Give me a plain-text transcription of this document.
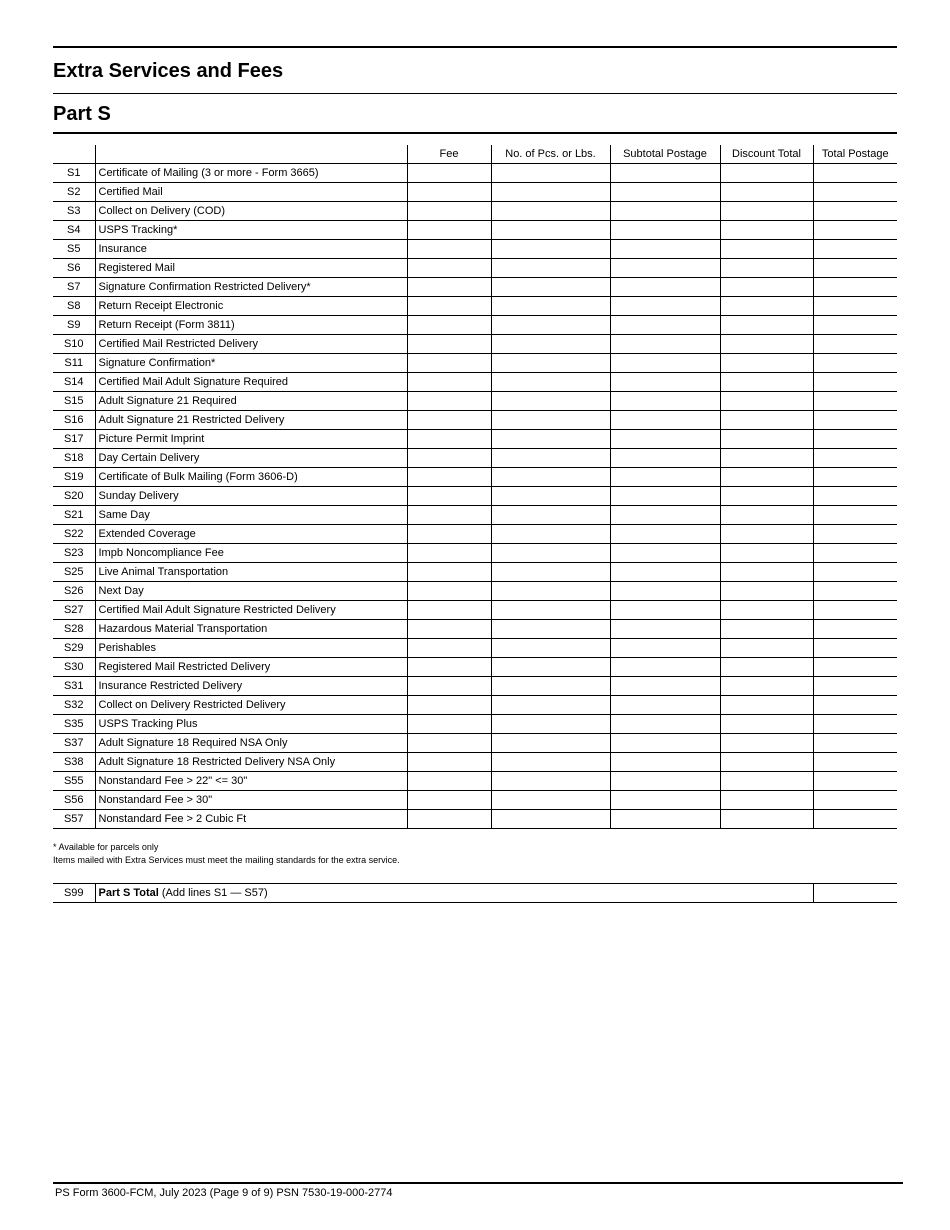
Extra Services and Fees
Part S
		Fee	No. of Pcs. or Lbs.	Subtotal Postage	Discount Total	Total Postage
S1	Certificate of Mailing (3 or more - Form 3665)					
S2	Certified Mail					
S3	Collect on Delivery (COD)					
S4	USPS Tracking*					
S5	Insurance					
S6	Registered Mail					
S7	Signature Confirmation Restricted Delivery*					
S8	Return Receipt Electronic					
S9	Return Receipt (Form 3811)					
S10	Certified Mail Restricted Delivery					
S11	Signature Confirmation*					
S14	Certified Mail Adult Signature Required					
S15	Adult Signature 21 Required					
S16	Adult Signature 21 Restricted Delivery					
S17	Picture Permit Imprint					
S18	Day Certain Delivery					
S19	Certificate of Bulk Mailing (Form 3606-D)					
S20	Sunday Delivery					
S21	Same Day					
S22	Extended Coverage					
S23	Impb Noncompliance Fee					
S25	Live Animal Transportation					
S26	Next Day					
S27	Certified Mail Adult Signature Restricted Delivery					
S28	Hazardous Material Transportation					
S29	Perishables					
S30	Registered Mail Restricted Delivery					
S31	Insurance Restricted Delivery					
S32	Collect on Delivery Restricted Delivery					
S35	USPS Tracking Plus					
S37	Adult Signature 18 Required NSA Only					
S38	Adult Signature 18 Restricted Delivery NSA Only					
S55	Nonstandard Fee > 22" <= 30"					
S56	Nonstandard Fee > 30"					
S57	Nonstandard Fee > 2 Cubic Ft					
* Available for parcels only
Items mailed with Extra Services must meet the mailing standards for the extra service.
S99	Part S Total (Add lines S1 — S57)	
PS Form 3600-FCM, July 2023 (Page 9 of 9) PSN 7530-19-000-2774
